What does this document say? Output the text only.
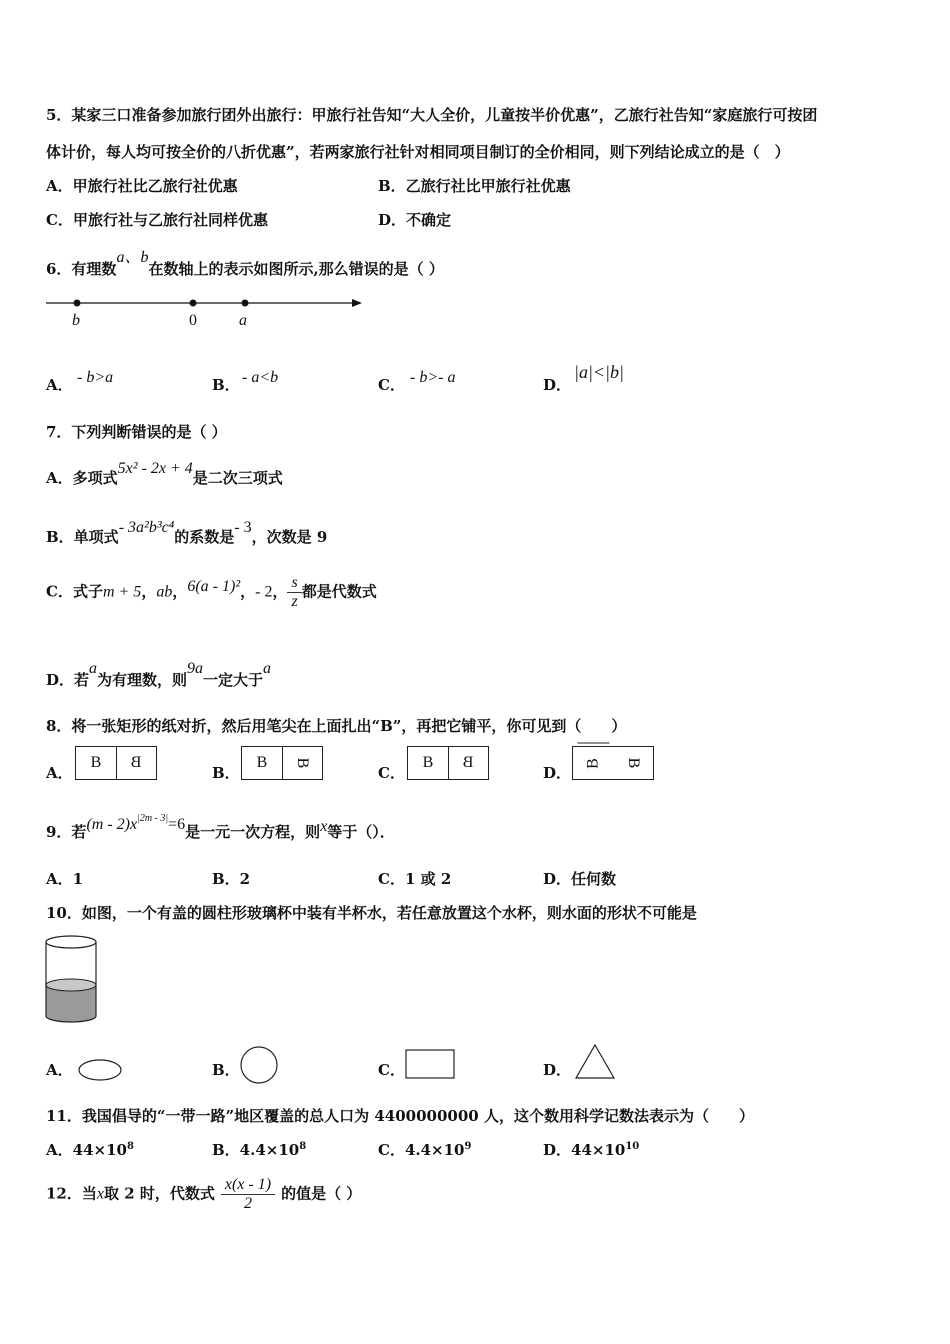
5．某家三口准备参加旅行团外出旅行：甲旅行社告知“大人全价，儿童按半价优惠”，乙旅行社告知“家庭旅行可按团
体计价，每人均可按全价的八折优惠”，若两家旅行社针对相同项目制订的全价相同，则下列结论成立的是（　）
A．甲旅行社比乙旅行社优惠	B．乙旅行社比甲旅行社优惠
C．甲旅行社与乙旅行社同样优惠	D．不确定
6．有理数a、b在数轴上的表示如图所示,那么错误的是（ ）
b	0	a
A． - b>a	B． - a<b	C． - b>- a	D．
|a|<|b|
7．下列判断错误的是（ ）
A．多项式5x² - 2x + 4是二次三项式
B．单项式- 3a²b³c⁴的系数是- 3，次数是 9
C．式子m + 5，ab，6(a - 1)²，- 2， $\frac{s}{z}$ 都是代数式
D．若a为有理数，则9a一定大于a
8．将一张矩形的纸对折，然后用笔尖在上面扎出“B”，再把它铺平，你可见到（　　）
A．
B	B
B．
B	B
C．
B	B
D．
B	B
9．若$(m - 2)x^{|2m - 3|}=6$是一元一次方程，则x等于（）．
A．1	B．2	C．1 或 2	D．任何数
10．如图，一个有盖的圆柱形玻璃杯中装有半杯水，若任意放置这个水杯，则水面的形状不可能是
A．	B．	C．	D．
11．我国倡导的“一带一路”地区覆盖的总人口为 4400000000 人，这个数用科学记数法表示为（　　）
A．$44\times 10^8$	B．$4.4\times 10^8$	C．$4.4\times 10^9$	D．$44\times 10^{10}$
12．当x取 2 时，代数式 $\frac{x(x - 1)}{2}$ 的值是（ ）
